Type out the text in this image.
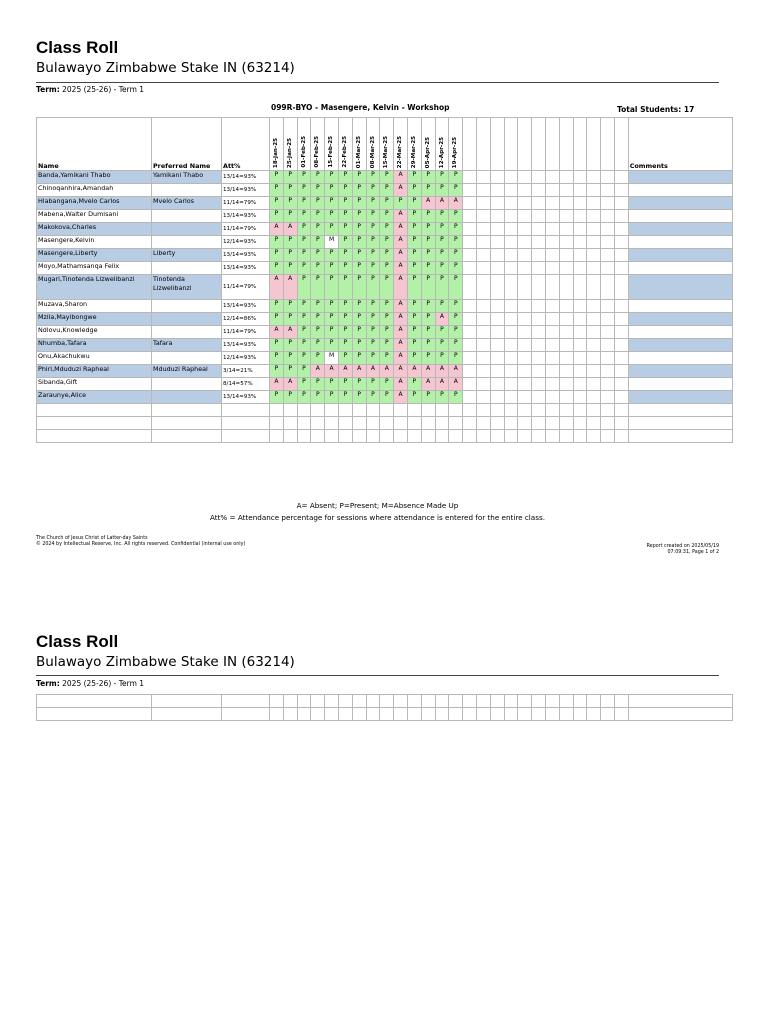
Class Roll
Bulawayo Zimbabwe Stake IN (63214)
Term: 2025 (25-26) - Term 1
099R-BYO - Masengere, Kelvin - Workshop	Total Students: 17
Name	Preferred Name	Att%	18-Jan-25	25-Jan-25	01-Feb-25	08-Feb-25	15-Feb-25	22-Feb-25	01-Mar-25	08-Mar-25	15-Mar-25	22-Mar-25	29-Mar-25	05-Apr-25	12-Apr-25	19-Apr-25													Comments
Banda,Yamikani Thabo	Yamikani Thabo	13/14=93%	P	P	P	P	P	P	P	P	P	A	P	P	P	P													
Chinoqanhira,Amandah		13/14=93%	P	P	P	P	P	P	P	P	P	A	P	P	P	P													
Hlabangana,Mvelo Carlos	Mvelo Carlos	11/14=79%	P	P	P	P	P	P	P	P	P	P	P	A	A	A													
Mabena,Walter Dumisani		13/14=93%	P	P	P	P	P	P	P	P	P	A	P	P	P	P													
Makokova,Charles		11/14=79%	A	A	P	P	P	P	P	P	P	A	P	P	P	P													
Masengere,Kelvin		12/14=93%	P	P	P	P	M	P	P	P	P	A	P	P	P	P													
Masengere,Liberty	Liberty	13/14=93%	P	P	P	P	P	P	P	P	P	A	P	P	P	P													
Moyo,Mathamsanqa Felix		13/14=93%	P	P	P	P	P	P	P	P	P	A	P	P	P	P													
Mugari,Tinotenda Lizwelibanzi	Tinotenda Lizwelibanzi	11/14=79%	A	A	P	P	P	P	P	P	P	A	P	P	P	P													
Muzava,Sharon		13/14=93%	P	P	P	P	P	P	P	P	P	A	P	P	P	P													
Mzila,Mayibongwe		12/14=86%	P	P	P	P	P	P	P	P	P	A	P	P	A	P													
Ndlovu,Knowledge		11/14=79%	A	A	P	P	P	P	P	P	P	A	P	P	P	P													
Nhumba,Tafara	Tafara	13/14=93%	P	P	P	P	P	P	P	P	P	A	P	P	P	P													
Onu,Akachukwu		12/14=93%	P	P	P	P	M	P	P	P	P	A	P	P	P	P													
Phiri,Mduduzi Rapheal	Mduduzi Rapheal	3/14=21%	P	P	P	A	A	A	A	A	A	A	A	A	A	A													
Sibanda,Gift		8/14=57%	A	A	P	P	P	P	P	P	P	A	P	A	A	A													
Zaraunye,Alice		13/14=93%	P	P	P	P	P	P	P	P	P	A	P	P	P	P													

A= Absent; P=Present; M=Absence Made Up
Att% = Attendance percentage for sessions where attendance is entered for the entire class.
The Church of Jesus Christ of Latter-day Saints
© 2024 by Intellectual Reserve, Inc. All rights reserved. Confidential (internal use only)	Report created on 2025/05/19
07:09:31, Page 1 of 2
Class Roll
Bulawayo Zimbabwe Stake IN (63214)
Term: 2025 (25-26) - Term 1
